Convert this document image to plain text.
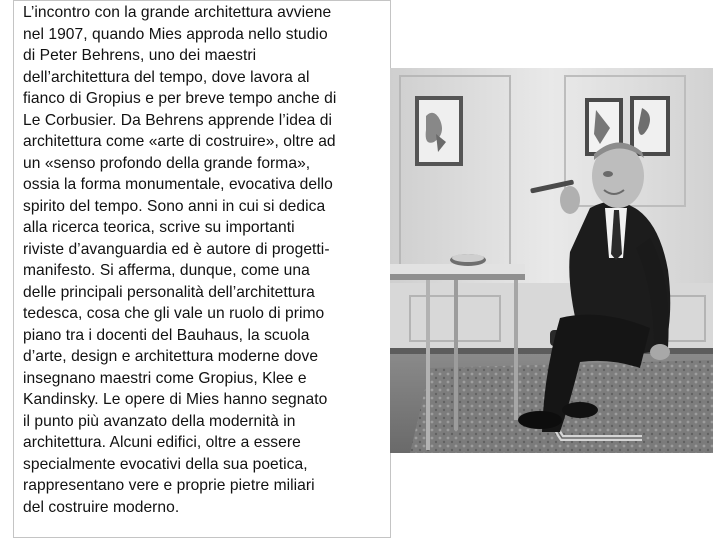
L’incontro con la grande architettura avviene
nel 1907, quando Mies approda nello studio
di Peter Behrens, uno dei maestri
dell’architettura del tempo, dove lavora al
fianco di Gropius e per breve tempo anche di
Le Corbusier. Da Behrens apprende l’idea di
architettura come «arte di costruire», oltre ad
un «senso profondo della grande forma»,
ossia la forma monumentale, evocativa dello
spirito del tempo. Sono anni in cui si dedica
alla ricerca teorica, scrive su importanti
riviste d’avanguardia ed è autore di progetti-
manifesto. Si afferma, dunque, come una
delle principali personalità dell’architettura
tedesca, cosa che gli vale un ruolo di primo
piano tra i docenti del Bauhaus, la scuola
d’arte, design e architettura moderne dove
insegnano maestri come Gropius, Klee e
Kandinsky. Le opere di Mies hanno segnato
il punto più avanzato della modernità in
architettura. Alcuni edifici, oltre a essere
specialmente evocativi della sua poetica,
rappresentano vere e proprie pietre miliari
del costruire moderno.
